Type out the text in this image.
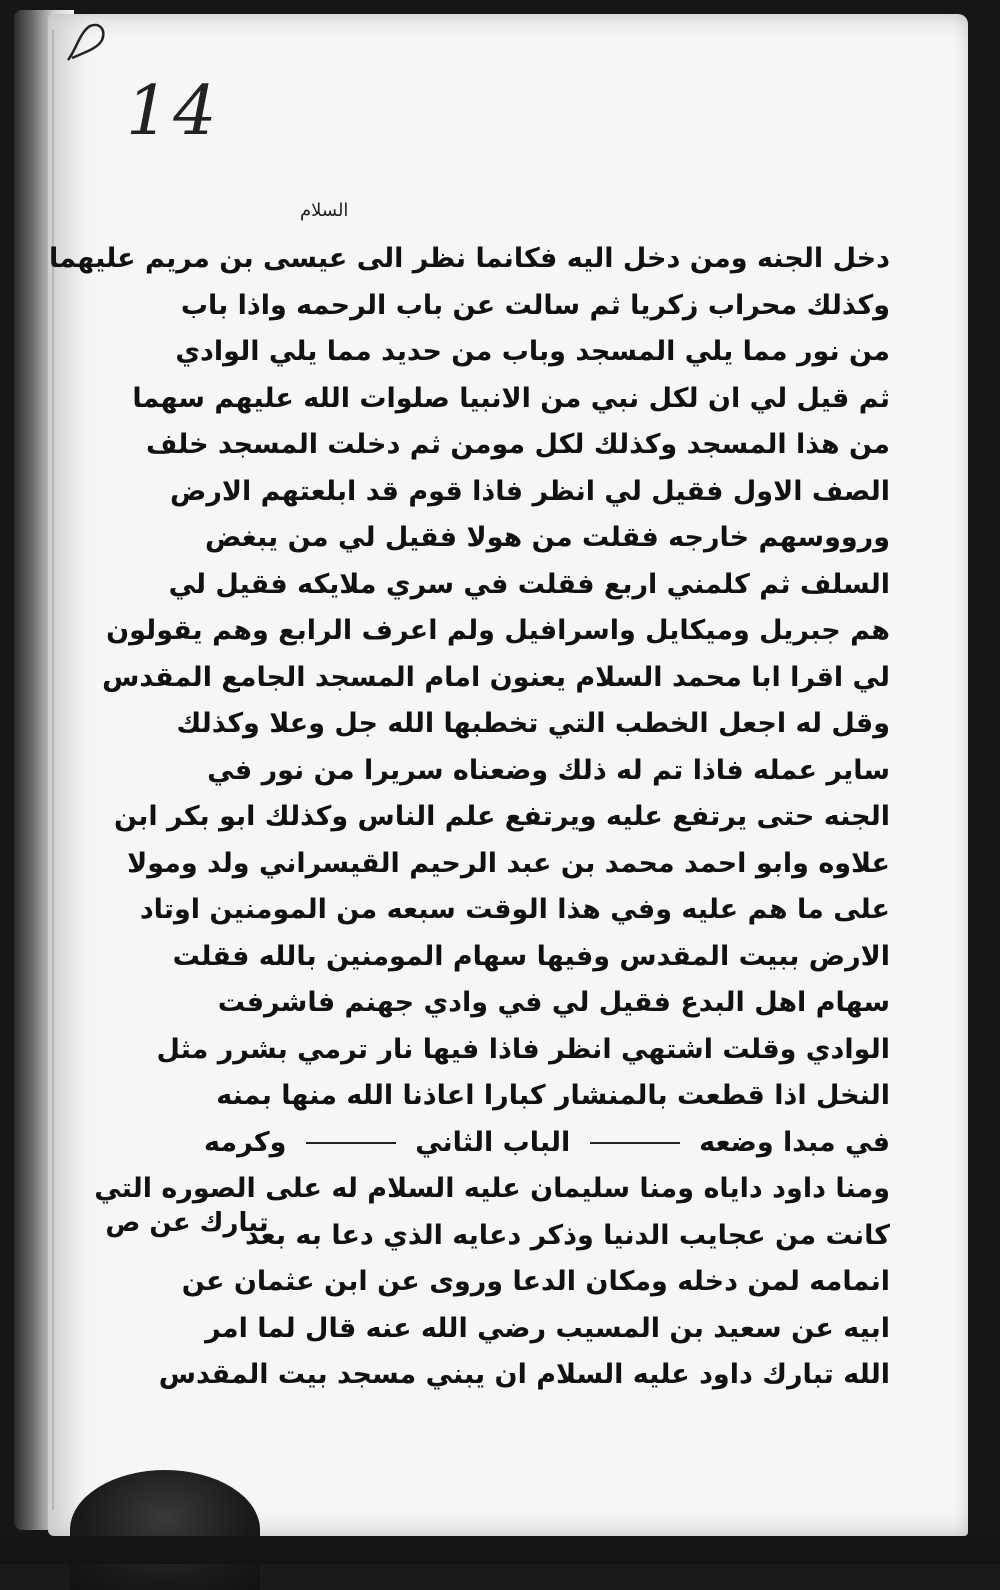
14
السلام
دخل الجنه ومن دخل اليه فكانما نظر الى عيسى بن مريم عليهما
وكذلك محراب زكريا ثم سالت عن باب الرحمه واذا باب
من نور مما يلي المسجد وباب من حديد مما يلي الوادي
ثم قيل لي ان لكل نبي من الانبيا صلوات الله عليهم سهما
من هذا المسجد وكذلك لكل مومن ثم دخلت المسجد خلف
الصف الاول فقيل لي انظر فاذا قوم قد ابلعتهم الارض
ورووسهم خارجه فقلت من هولا فقيل لي من يبغض
السلف ثم كلمني اربع فقلت في سري ملايكه فقيل لي
هم جبريل وميكايل واسرافيل ولم اعرف الرابع وهم يقولون
لي اقرا ابا محمد السلام يعنون امام المسجد الجامع المقدس
وقل له اجعل الخطب التي تخطبها الله جل وعلا وكذلك
ساير عمله فاذا تم له ذلك وضعناه سريرا من نور في
الجنه حتى يرتفع عليه ويرتفع علم الناس وكذلك ابو بكر ابن
علاوه وابو احمد محمد بن عبد الرحيم القيسراني ولد ومولا
على ما هم عليه وفي هذا الوقت سبعه من المومنين اوتاد
الارض ببيت المقدس وفيها سهام المومنين بالله فقلت
سهام اهل البدع فقيل لي في وادي جهنم فاشرفت
الوادي وقلت اشتهي انظر فاذا فيها نار ترمي بشرر مثل
النخل اذا قطعت بالمنشار كبارا اعاذنا الله منها بمنه
في مبدا وضعه  الباب الثاني  وكرمه
ومنا داود داياه ومنا سليمان عليه السلام له على الصوره التي
كانت من عجايب الدنيا وذكر دعايه الذي دعا به بعد
انمامه لمن دخله ومكان الدعا وروى عن ابن عثمان عن
ابيه عن سعيد بن المسيب رضي الله عنه قال لما امر
الله تبارك داود عليه السلام ان يبني مسجد بيت المقدس
تبارك عن ص
